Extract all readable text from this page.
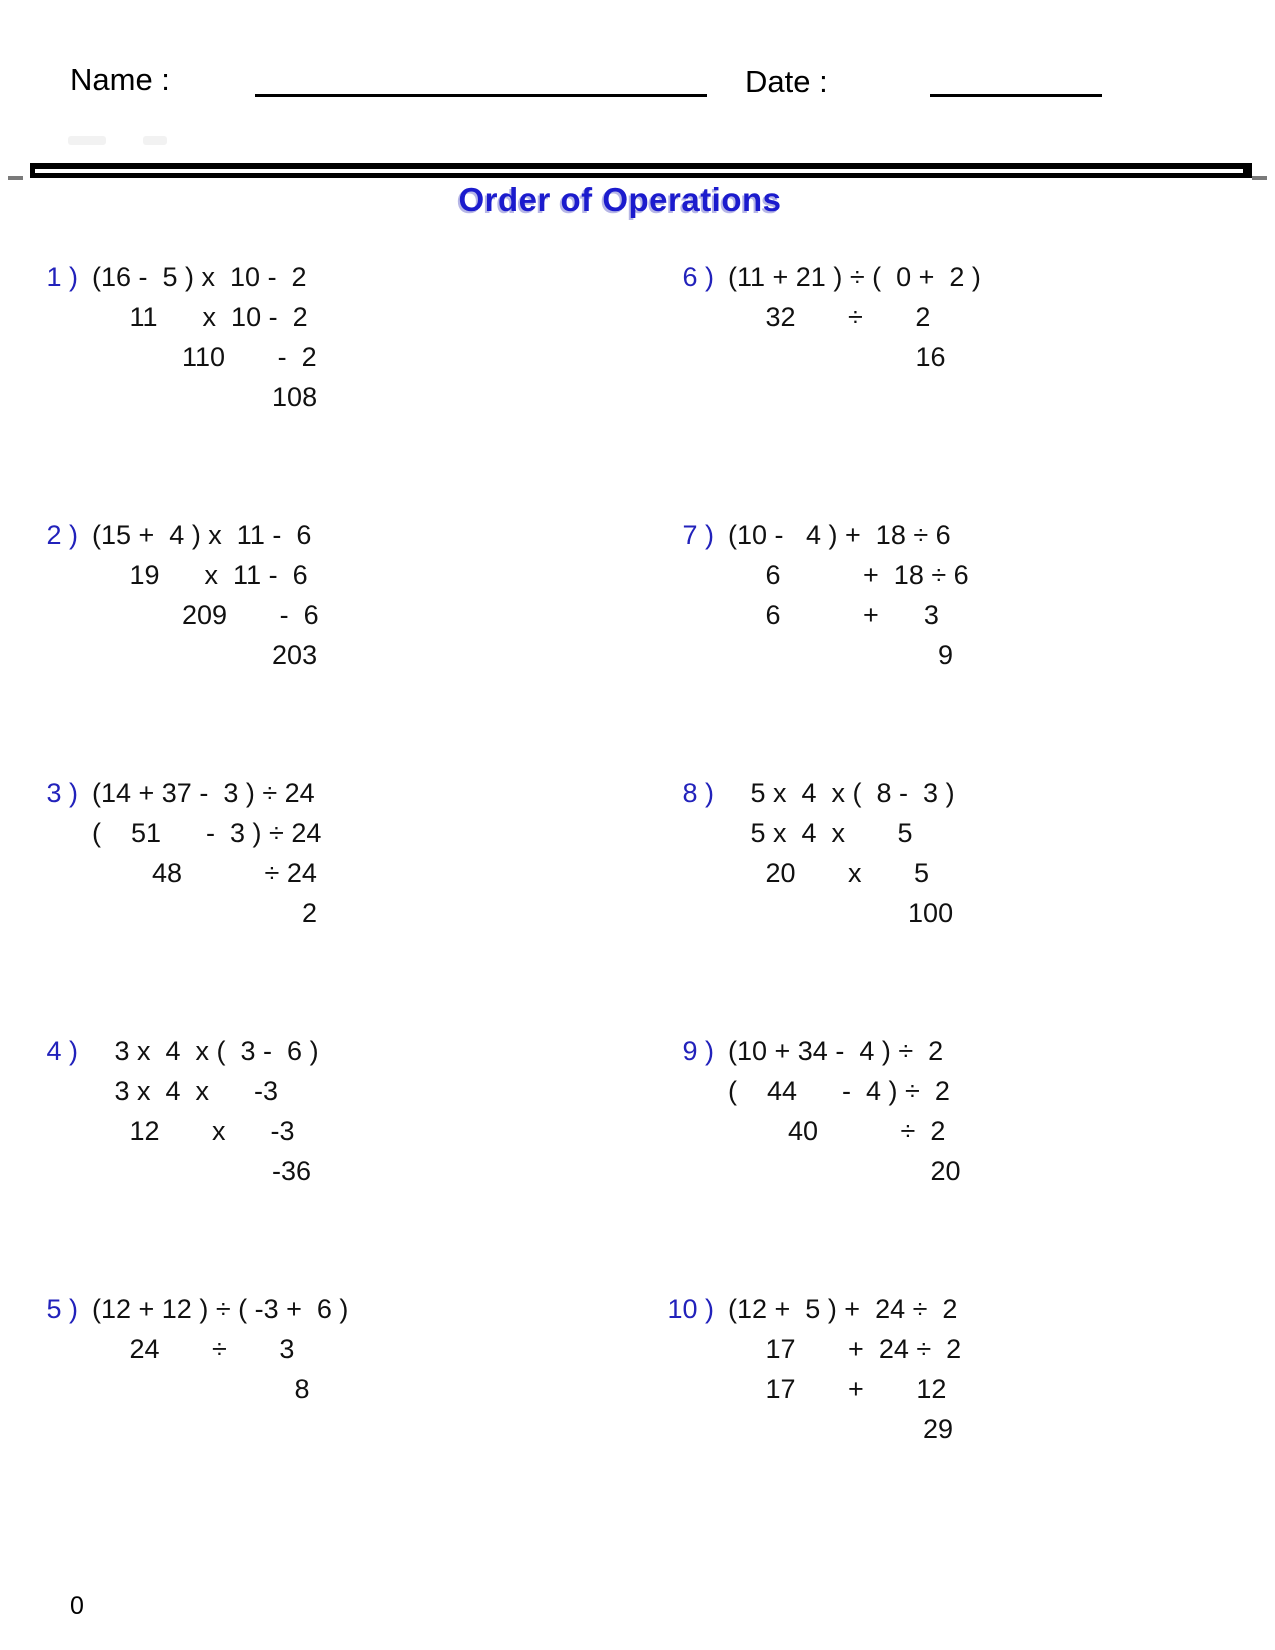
Name :	Date :
Order of Operations
1 ) (16 -  5 ) x  10 -  2
11      x  10 -  2
110       -  2
108
6 ) (11 + 21 ) ÷ (  0 +  2 )
32       ÷       2
16
2 ) (15 +  4 ) x  11 -  6
19      x  11 -  6
209       -  6
203
7 ) (10 -   4 ) +  18 ÷ 6
6           +  18 ÷ 6
6           +      3
9
3 ) (14 + 37 -  3 ) ÷ 24
(    51      -  3 ) ÷ 24
48           ÷ 24
2
8 ) 5 x  4  x (  8 -  3 )
5 x  4  x       5
20       x       5
100
4 ) 3 x  4  x (  3 -  6 )
3 x  4  x      -3
12       x      -3
-36
9 ) (10 + 34 -  4 ) ÷  2
(    44      -  4 ) ÷  2
40           ÷  2
20
5 ) (12 + 12 ) ÷ ( -3 +  6 )
24       ÷       3
8
10 ) (12 +  5 ) +  24 ÷  2
17       +  24 ÷  2
17       +       12
29
0
